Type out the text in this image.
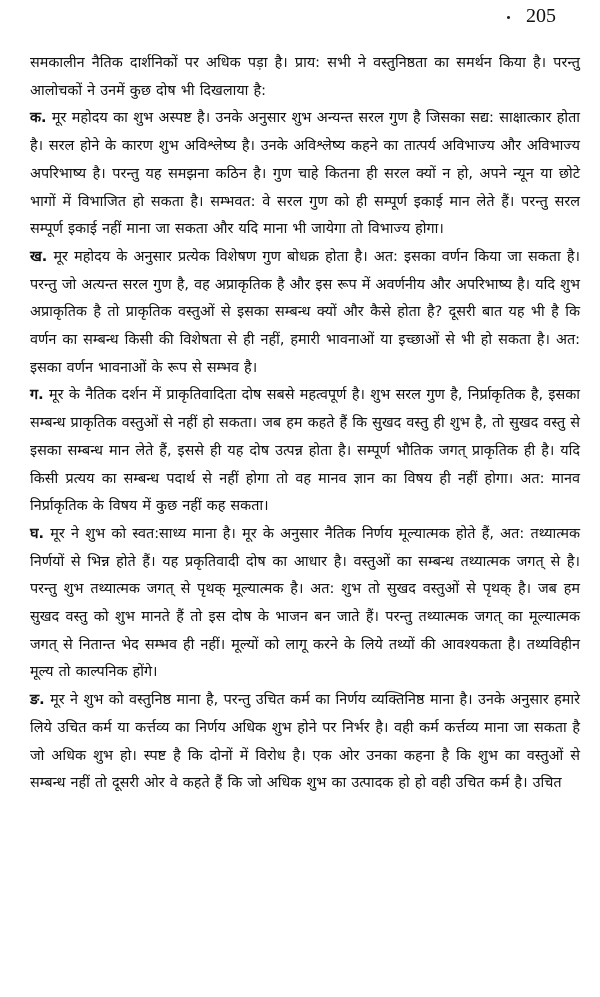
205

समकालीन नैतिक दार्शनिकों पर अधिक पड़ा है। प्राय: सभी ने वस्तुनिष्ठता का समर्थन किया है। परन्तु आलोचकों ने उनमें कुछ दोष भी दिखलाया है:

क. मूर महोदय का शुभ अस्पष्ट है। उनके अनुसार शुभ अन्यन्त सरल गुण है जिसका सद्य: साक्षात्कार होता है। सरल होने के कारण शुभ अविश्लेष्य है। उनके अविश्लेष्य कहने का तात्पर्य अविभाज्य और अविभाज्य अपरिभाष्य है। परन्तु यह समझना कठिन है। गुण चाहे कितना ही सरल क्यों न हो, अपने न्यून या छोटे भागों में विभाजित हो सकता है। सम्भवत: वे सरल गुण को ही सम्पूर्ण इकाई मान लेते हैं। परन्तु सरल सम्पूर्ण इकाई नहीं माना जा सकता और यदि माना भी जायेगा तो विभाज्य होगा।

ख. मूर महोदय के अनुसार प्रत्येक विशेषण गुण बोधक्र होता है। अत: इसका वर्णन किया जा सकता है। परन्तु जो अत्यन्त सरल गुण है, वह अप्राकृतिक है और इस रूप में अवर्णनीय और अपरिभाष्य है। यदि शुभ अप्राकृतिक है तो प्राकृतिक वस्तुओं से इसका सम्बन्ध क्यों और कैसे होता है? दूसरी बात यह भी है कि वर्णन का सम्बन्ध किसी की विशेषता से ही नहीं, हमारी भावनाओं या इच्छाओं से भी हो सकता है। अत: इसका वर्णन भावनाओं के रूप से सम्भव है।

ग. मूर के नैतिक दर्शन में प्राकृतिवादिता दोष सबसे महत्वपूर्ण है। शुभ सरल गुण है, निर्प्राकृतिक है, इसका सम्बन्ध प्राकृतिक वस्तुओं से नहीं हो सकता। जब हम कहते हैं कि सुखद वस्तु ही शुभ है, तो सुखद वस्तु से इसका सम्बन्ध मान लेते हैं, इससे ही यह दोष उत्पन्न होता है। सम्पूर्ण भौतिक जगत् प्राकृतिक ही है। यदि किसी प्रत्यय का सम्बन्ध पदार्थ से नहीं होगा तो वह मानव ज्ञान का विषय ही नहीं होगा। अत: मानव निर्प्राकृतिक के विषय में कुछ नहीं कह सकता।

घ. मूर ने शुभ को स्वत:साध्य माना है। मूर के अनुसार नैतिक निर्णय मूल्यात्मक होते हैं, अत: तथ्यात्मक निर्णयों से भिन्न होते हैं। यह प्रकृतिवादी दोष का आधार है। वस्तुओं का सम्बन्ध तथ्यात्मक जगत् से है। परन्तु शुभ तथ्यात्मक जगत् से पृथक् मूल्यात्मक है। अत: शुभ तो सुखद वस्तुओं से पृथक् है। जब हम सुखद वस्तु को शुभ मानते हैं तो इस दोष के भाजन बन जाते हैं। परन्तु तथ्यात्मक जगत् का मूल्यात्मक जगत् से नितान्त भेद सम्भव ही नहीं। मूल्यों को लागू करने के लिये तथ्यों की आवश्यकता है। तथ्यविहीन मूल्य तो काल्पनिक होंगे।

ङ. मूर ने शुभ को वस्तुनिष्ठ माना है, परन्तु उचित कर्म का निर्णय व्यक्तिनिष्ठ माना है। उनके अनुसार हमारे लिये उचित कर्म या कर्त्तव्य का निर्णय अधिक शुभ होने पर निर्भर है। वही कर्म कर्त्तव्य माना जा सकता है जो अधिक शुभ हो। स्पष्ट है कि दोनों में विरोध है। एक ओर उनका कहना है कि शुभ का वस्तुओं से सम्बन्ध नहीं तो दूसरी ओर वे कहते हैं कि जो अधिक शुभ का उत्पादक हो हो वही उचित कर्म है। उचित
